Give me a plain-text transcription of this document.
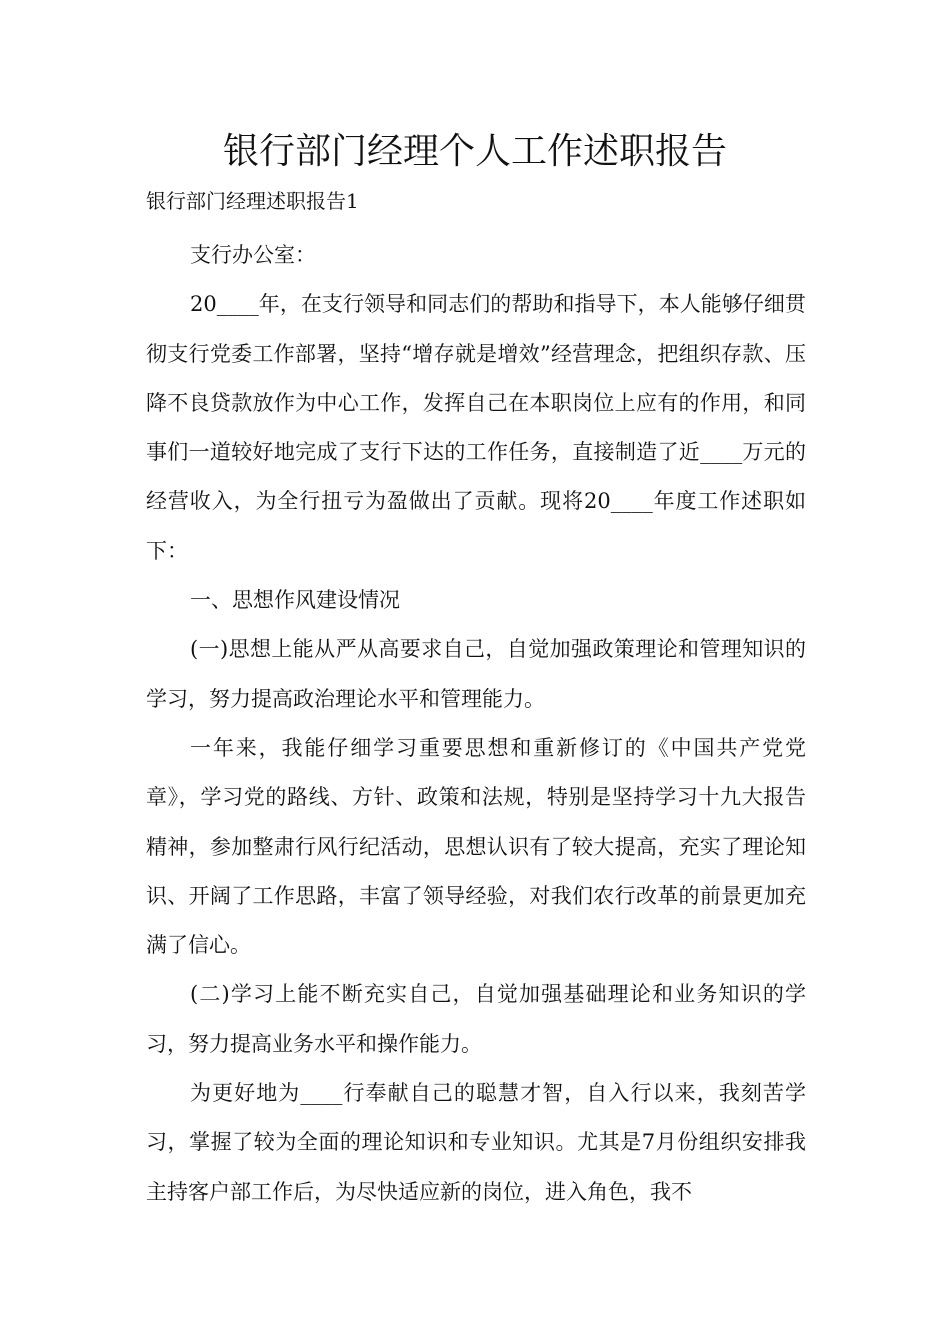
银行部门经理个人工作述职报告

银行部门经理述职报告1

支行办公室：

20____年，在支行领导和同志们的帮助和指导下，本人能够仔细贯彻支行党委工作部署，坚持“增存就是增效”经营理念，把组织存款、压降不良贷款放作为中心工作，发挥自己在本职岗位上应有的作用，和同事们一道较好地完成了支行下达的工作任务，直接制造了近____万元的经营收入，为全行扭亏为盈做出了贡献。现将20____年度工作述职如下：

一、思想作风建设情况

(一)思想上能从严从高要求自己，自觉加强政策理论和管理知识的学习，努力提高政治理论水平和管理能力。

一年来，我能仔细学习重要思想和重新修订的《中国共产党党章》，学习党的路线、方针、政策和法规，特别是坚持学习十九大报告精神，参加整肃行风行纪活动，思想认识有了较大提高，充实了理论知识、开阔了工作思路，丰富了领导经验，对我们农行改革的前景更加充满了信心。

(二)学习上能不断充实自己，自觉加强基础理论和业务知识的学习，努力提高业务水平和操作能力。

为更好地为____行奉献自己的聪慧才智，自入行以来，我刻苦学习，掌握了较为全面的理论知识和专业知识。尤其是7月份组织安排我主持客户部工作后，为尽快适应新的岗位，进入角色，我不
